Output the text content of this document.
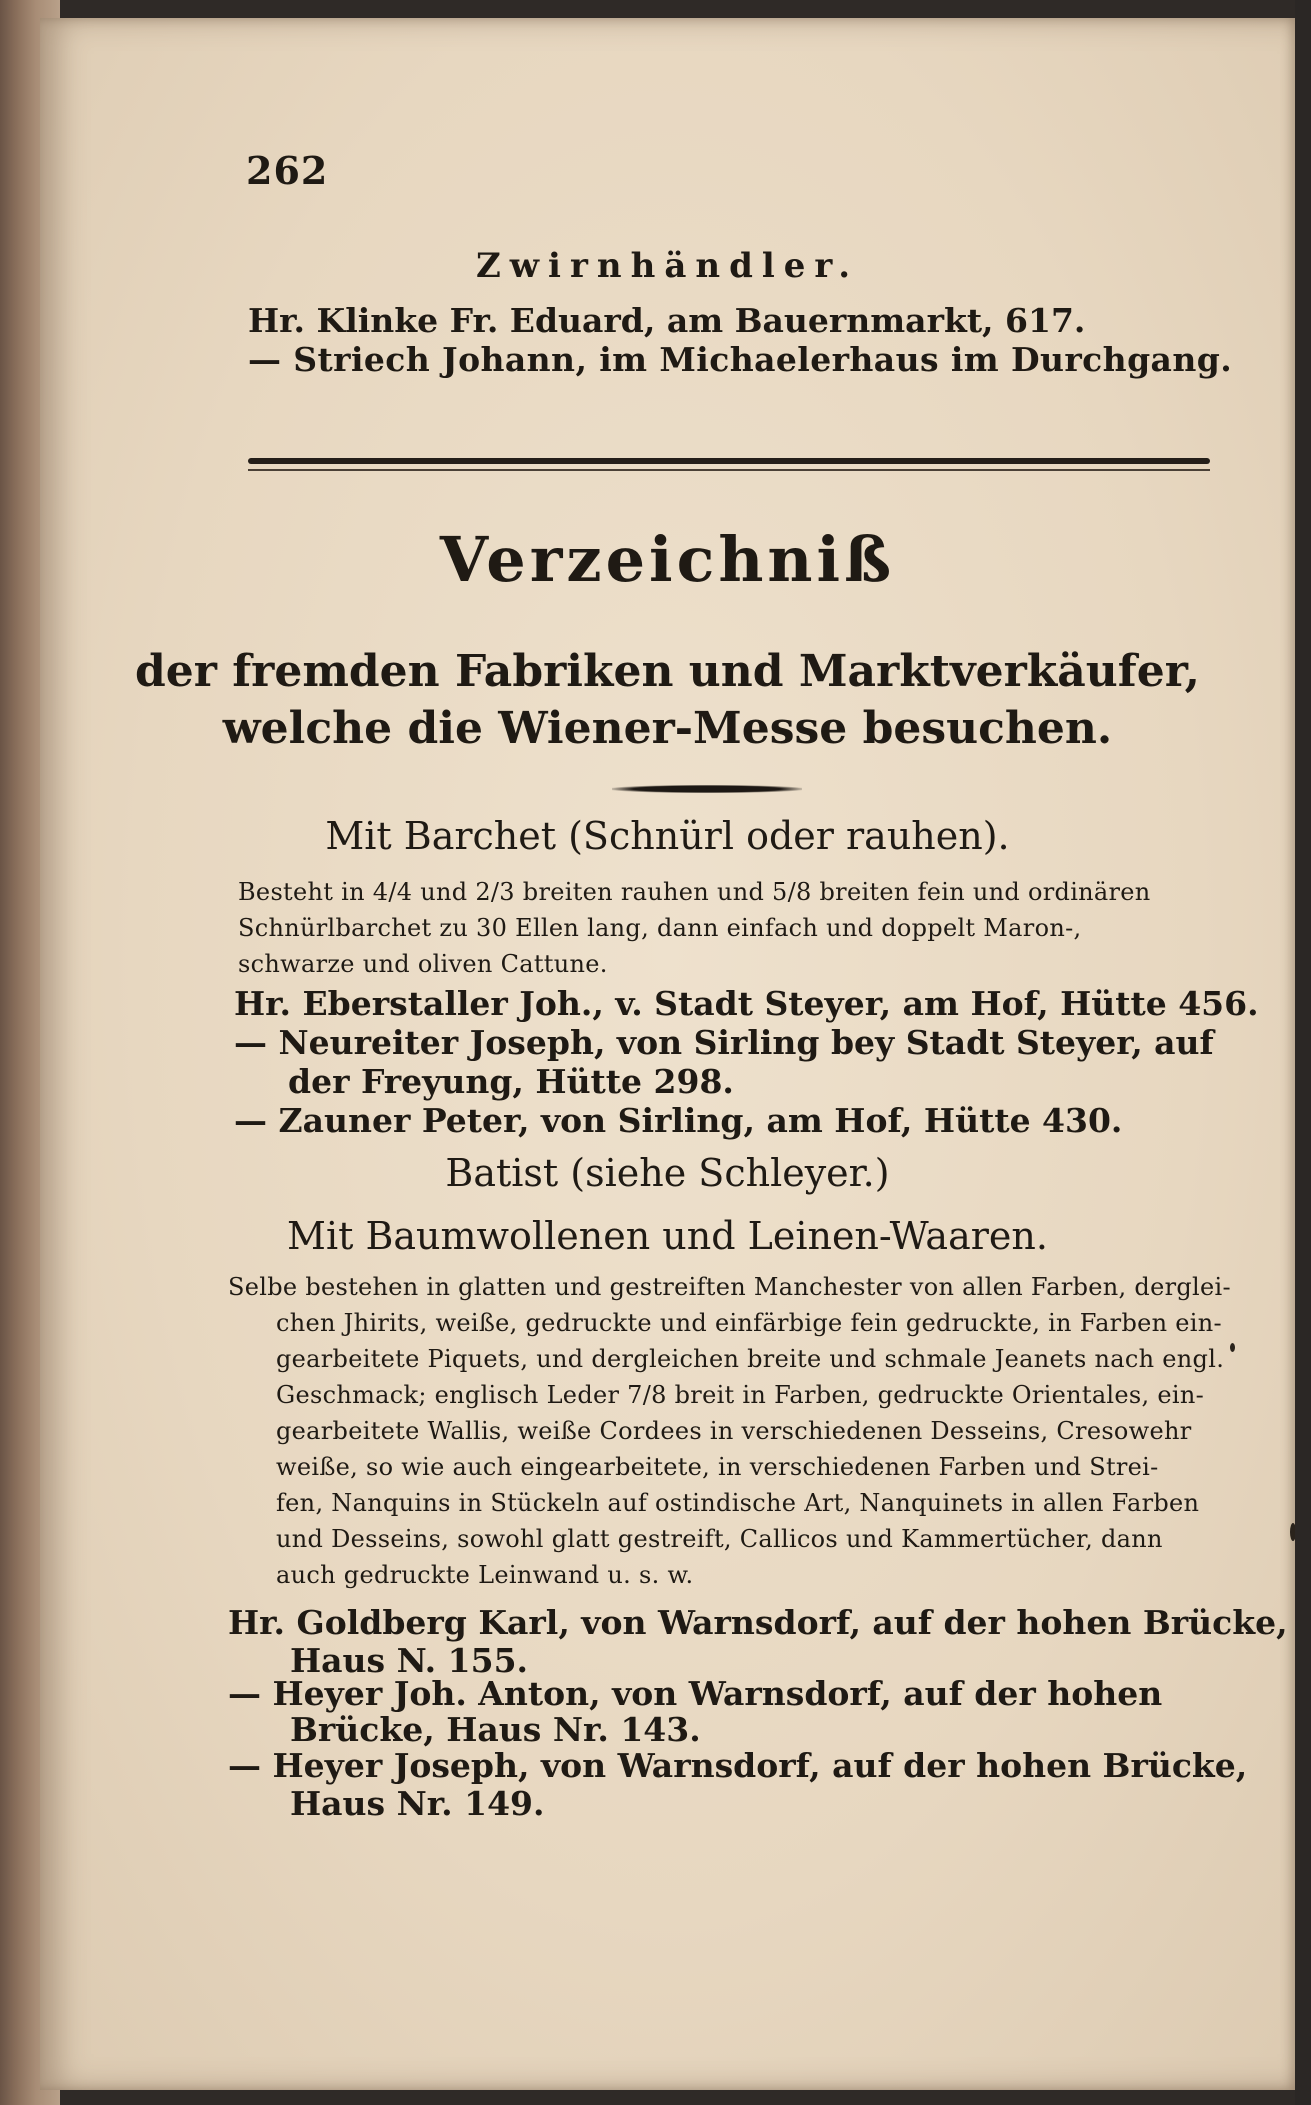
262
Zwirnhändler.
Hr. Klinke Fr. Eduard, am Bauernmarkt, 617.
— Striech Johann, im Michaelerhaus im Durchgang.
Verzeichniß
der fremden Fabriken und Marktverkäufer,
welche die Wiener-Messe besuchen.
Mit Barchet (Schnürl oder rauhen).
Besteht in 4/4 und 2/3 breiten rauhen und 5/8 breiten fein und ordinären
Schnürlbarchet zu 30 Ellen lang, dann einfach und doppelt Maron-,
schwarze und oliven Cattune.
Hr. Eberstaller Joh., v. Stadt Steyer, am Hof, Hütte 456.
— Neureiter Joseph, von Sirling bey Stadt Steyer, auf
der Freyung, Hütte 298.
— Zauner Peter, von Sirling, am Hof, Hütte 430.
Batist (siehe Schleyer.)
Mit Baumwollenen und Leinen-Waaren.
Selbe bestehen in glatten und gestreiften Manchester von allen Farben, derglei-
chen Jhirits, weiße, gedruckte und einfärbige fein gedruckte, in Farben ein-
gearbeitete Piquets, und dergleichen breite und schmale Jeanets nach engl.
Geschmack; englisch Leder 7/8 breit in Farben, gedruckte Orientales, ein-
gearbeitete Wallis, weiße Cordees in verschiedenen Desseins, Cresowehr
weiße, so wie auch eingearbeitete, in verschiedenen Farben und Strei-
fen, Nanquins in Stückeln auf ostindische Art, Nanquinets in allen Farben
und Desseins, sowohl glatt gestreift, Callicos und Kammertücher, dann
auch gedruckte Leinwand u. s. w.
Hr. Goldberg Karl, von Warnsdorf, auf der hohen Brücke,
Haus N. 155.
— Heyer Joh. Anton, von Warnsdorf, auf der hohen
Brücke, Haus Nr. 143.
— Heyer Joseph, von Warnsdorf, auf der hohen Brücke,
Haus Nr. 149.
